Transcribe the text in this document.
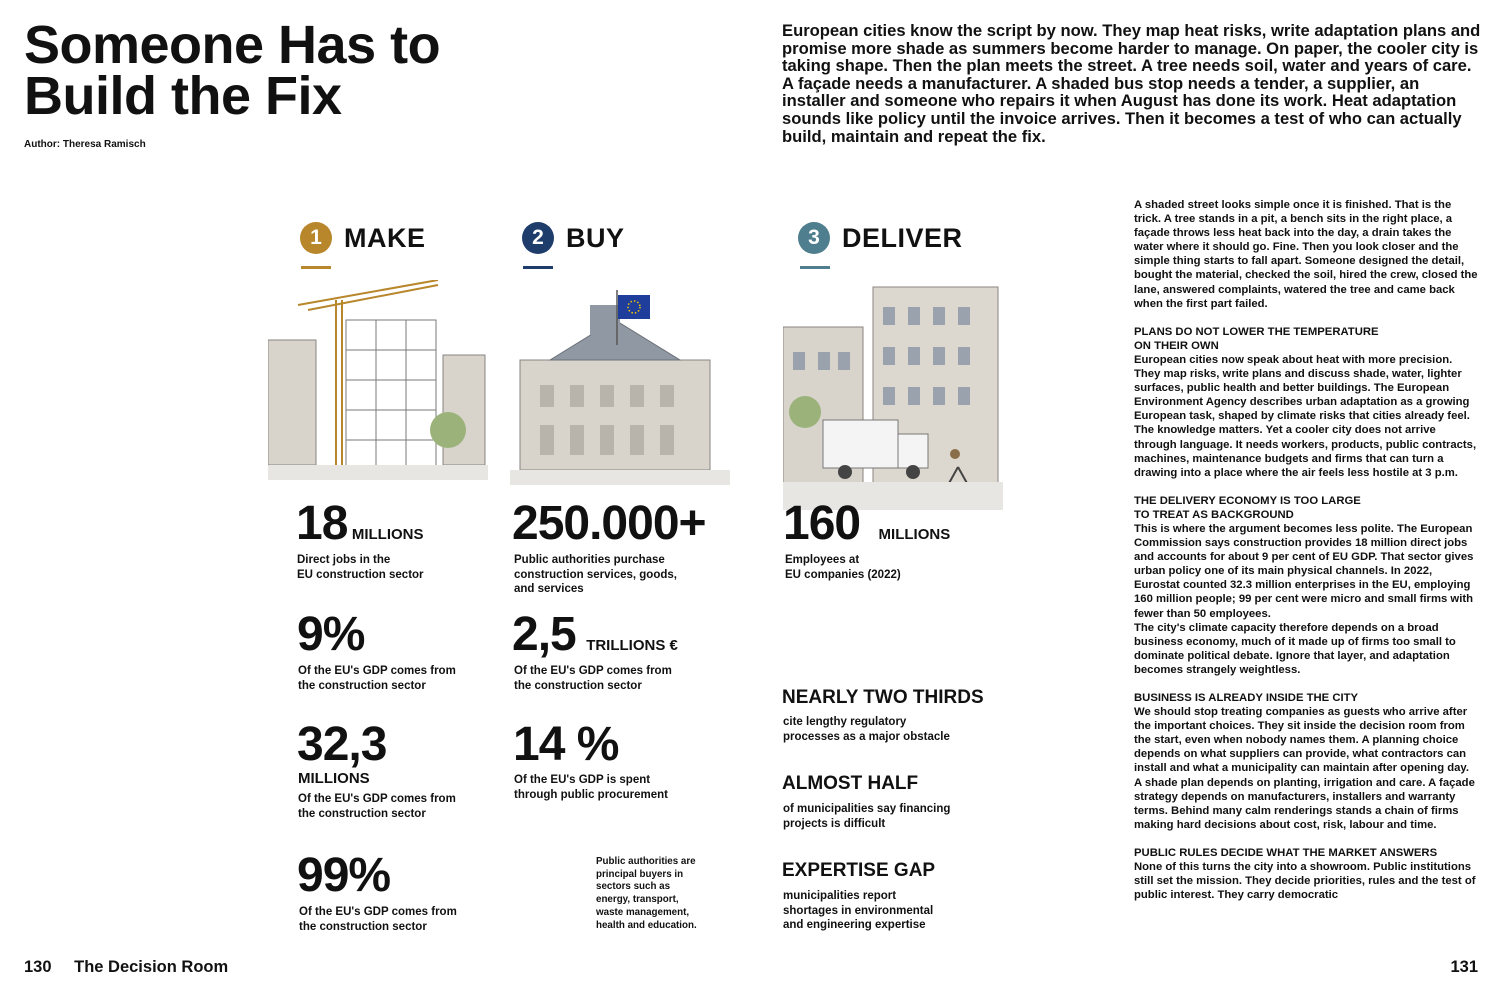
Someone Has to
Build the Fix
Author: Theresa Ramisch
European cities know the script by now. They map heat risks, write adaptation plans and promise more shade as summers become harder to manage. On paper, the cooler city is taking shape. Then the plan meets the street. A tree needs soil, water and years of care. A façade needs a manufacturer. A shaded bus stop needs a tender, a supplier, an installer and someone who repairs it when August has done its work. Heat adaptation sounds like policy until the invoice arrives. Then it becomes a test of who can actually build, maintain and repeat the fix.
1 MAKE
18 MILLIONS
Direct jobs in the
EU construction sector
9%
Of the EU's GDP comes from
the construction sector
32,3
MILLIONS
Of the EU's GDP comes from
the construction sector
99%
Of the EU's GDP comes from
the construction sector
2 BUY
250.000+
Public authorities purchase
construction services, goods,
and services
2,5 TRILLIONS €
Of the EU's GDP comes from
the construction sector
14 %
Of the EU's GDP is spent
through public procurement
Public authorities are
principal buyers in
sectors such as
energy, transport,
waste management,
health and education.
3 DELIVER
160 MILLIONS
Employees at
EU companies (2022)
NEARLY TWO THIRDS
cite lengthy regulatory
processes as a major obstacle
ALMOST HALF
of municipalities say financing
projects is difficult
EXPERTISE GAP
municipalities report
shortages in environmental
and engineering expertise

A shaded street looks simple once it is finished. That is the trick. A tree stands in a pit, a bench sits in the right place, a façade throws less heat back into the day, a drain takes the water where it should go. Fine. Then you look closer and the simple thing starts to fall apart. Someone designed the detail, bought the material, checked the soil, hired the crew, closed the lane, answered complaints, watered the tree and came back when the first part failed.

PLANS DO NOT LOWER THE TEMPERATURE
ON THEIR OWN
European cities now speak about heat with more precision. They map risks, write plans and discuss shade, water, lighter surfaces, public health and better buildings. The European Environment Agency describes urban adaptation as a growing European task, shaped by climate risks that cities already feel. The knowledge matters. Yet a cooler city does not arrive through language. It needs workers, products, public contracts, machines, maintenance budgets and firms that can turn a drawing into a place where the air feels less hostile at 3 p.m.

THE DELIVERY ECONOMY IS TOO LARGE
TO TREAT AS BACKGROUND
This is where the argument becomes less polite. The European Commission says construction provides 18 million direct jobs and accounts for about 9 per cent of EU GDP. That sector gives urban policy one of its main physical channels. In 2022, Eurostat counted 32.3 million enterprises in the EU, employing 160 million people; 99 per cent were micro and small firms with fewer than 50 employees.
The city's climate capacity therefore depends on a broad business economy, much of it made up of firms too small to dominate political debate. Ignore that layer, and adaptation becomes strangely weightless.

BUSINESS IS ALREADY INSIDE THE CITY
We should stop treating companies as guests who arrive after the important choices. They sit inside the decision room from the start, even when nobody names them. A planning choice depends on what suppliers can provide, what contractors can install and what a municipality can maintain after opening day. A shade plan depends on planting, irrigation and care. A façade strategy depends on manufacturers, installers and warranty terms. Behind many calm renderings stands a chain of firms making hard decisions about cost, risk, labour and time.

PUBLIC RULES DECIDE WHAT THE MARKET ANSWERS
None of this turns the city into a showroom. Public institutions still set the mission. They decide priorities, rules and the test of public interest. They carry democratic

130 The Decision Room	131
